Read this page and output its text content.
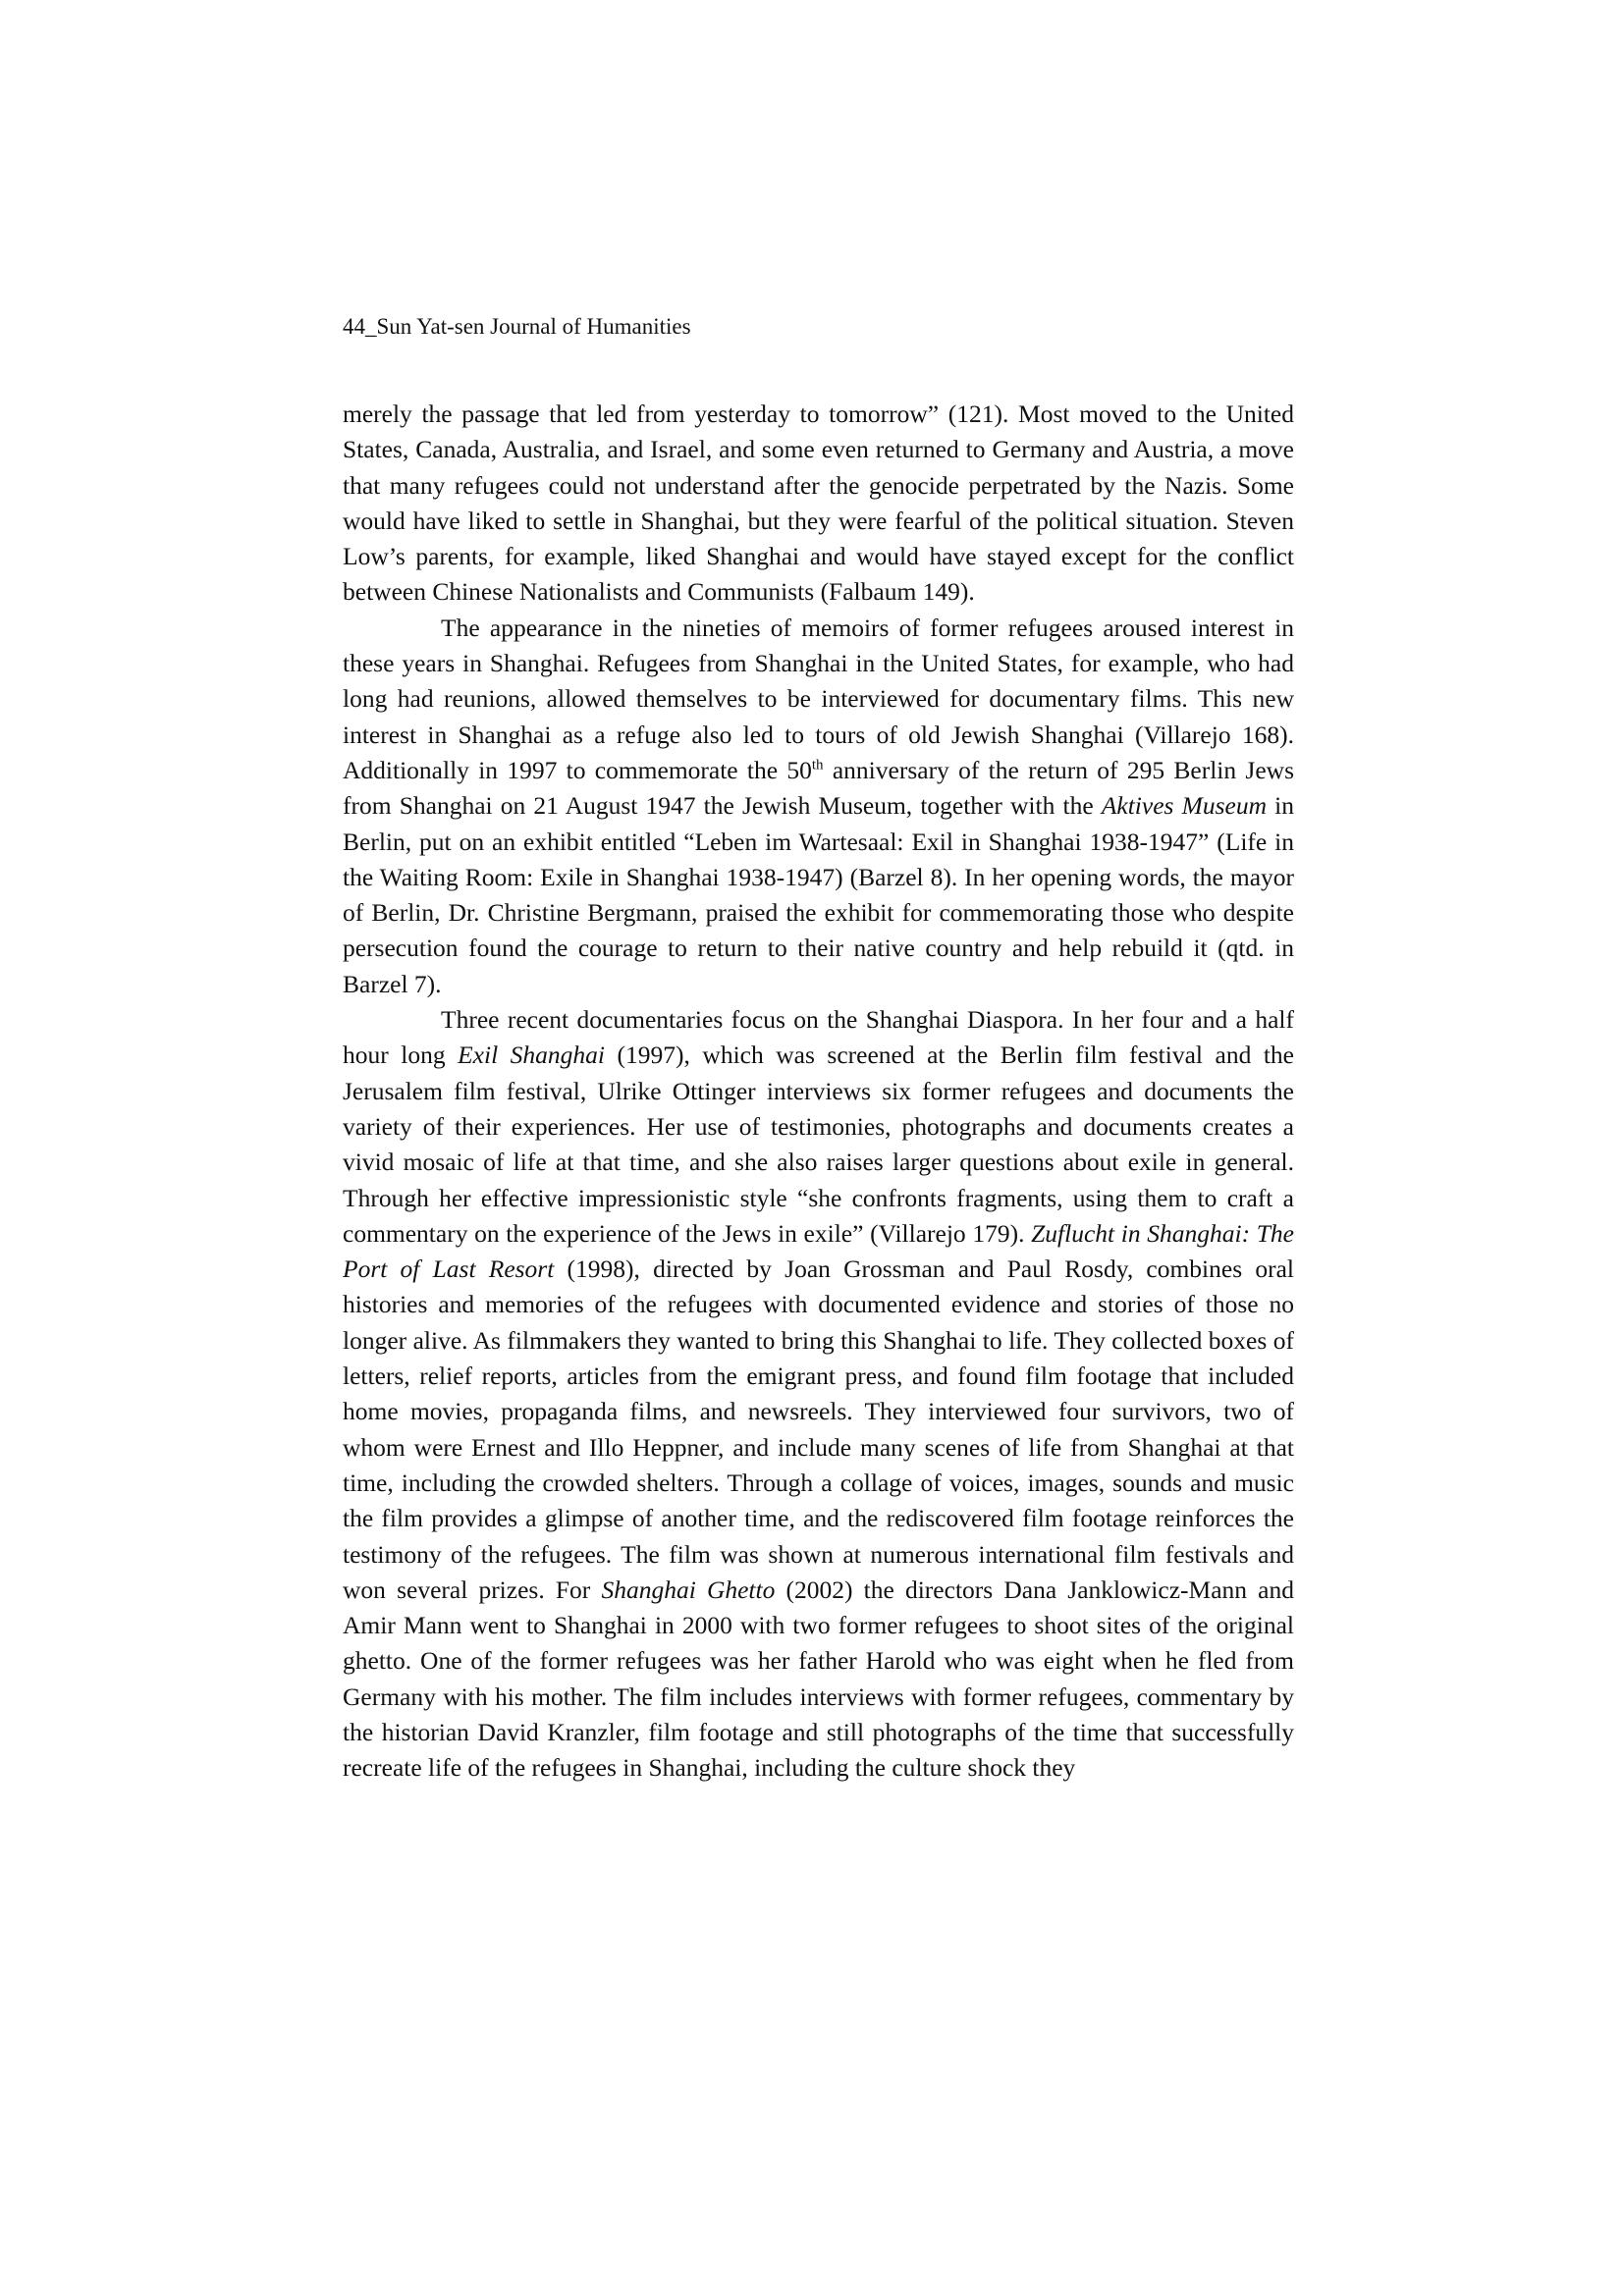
44_Sun Yat-sen Journal of Humanities

merely the passage that led from yesterday to tomorrow” (121). Most moved to the United States, Canada, Australia, and Israel, and some even returned to Germany and Austria, a move that many refugees could not understand after the genocide perpetrated by the Nazis. Some would have liked to settle in Shanghai, but they were fearful of the political situation. Steven Low’s parents, for example, liked Shanghai and would have stayed except for the conflict between Chinese Nationalists and Communists (Falbaum 149).

The appearance in the nineties of memoirs of former refugees aroused interest in these years in Shanghai. Refugees from Shanghai in the United States, for example, who had long had reunions, allowed themselves to be interviewed for documentary films. This new interest in Shanghai as a refuge also led to tours of old Jewish Shanghai (Villarejo 168). Additionally in 1997 to commemorate the 50th anniversary of the return of 295 Berlin Jews from Shanghai on 21 August 1947 the Jewish Museum, together with the Aktives Museum in Berlin, put on an exhibit entitled “Leben im Wartesaal: Exil in Shanghai 1938-1947” (Life in the Waiting Room: Exile in Shanghai 1938-1947) (Barzel 8). In her opening words, the mayor of Berlin, Dr. Christine Bergmann, praised the exhibit for commemorating those who despite persecution found the courage to return to their native country and help rebuild it (qtd. in Barzel 7).

Three recent documentaries focus on the Shanghai Diaspora. In her four and a half hour long Exil Shanghai (1997), which was screened at the Berlin film festival and the Jerusalem film festival, Ulrike Ottinger interviews six former refugees and documents the variety of their experiences. Her use of testimonies, photographs and documents creates a vivid mosaic of life at that time, and she also raises larger questions about exile in general. Through her effective impressionistic style “she confronts fragments, using them to craft a commentary on the experience of the Jews in exile” (Villarejo 179). Zuflucht in Shanghai: The Port of Last Resort (1998), directed by Joan Grossman and Paul Rosdy, combines oral histories and memories of the refugees with documented evidence and stories of those no longer alive. As filmmakers they wanted to bring this Shanghai to life. They collected boxes of letters, relief reports, articles from the emigrant press, and found film footage that included home movies, propaganda films, and newsreels. They interviewed four survivors, two of whom were Ernest and Illo Heppner, and include many scenes of life from Shanghai at that time, including the crowded shelters. Through a collage of voices, images, sounds and music the film provides a glimpse of another time, and the rediscovered film footage reinforces the testimony of the refugees. The film was shown at numerous international film festivals and won several prizes. For Shanghai Ghetto (2002) the directors Dana Janklowicz-Mann and Amir Mann went to Shanghai in 2000 with two former refugees to shoot sites of the original ghetto. One of the former refugees was her father Harold who was eight when he fled from Germany with his mother. The film includes interviews with former refugees, commentary by the historian David Kranzler, film footage and still photographs of the time that successfully recreate life of the refugees in Shanghai, including the culture shock they
